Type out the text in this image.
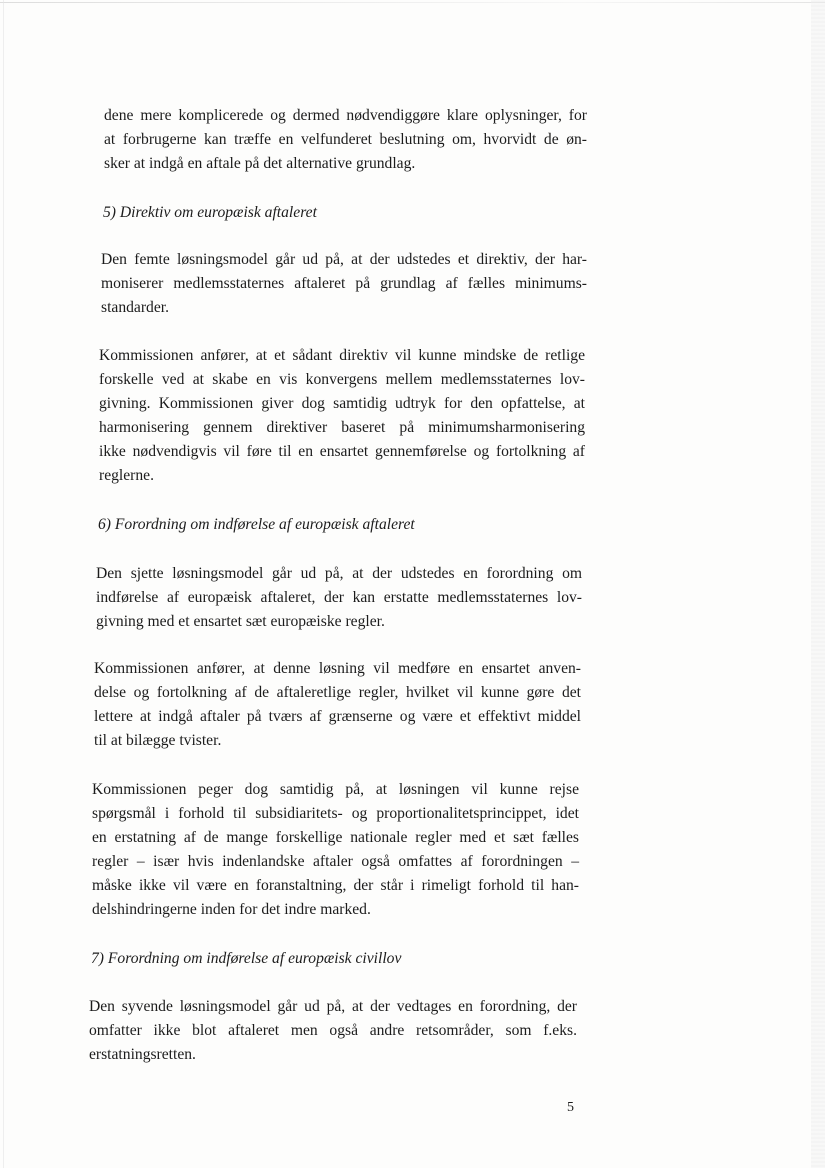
dene mere komplicerede og dermed nødvendiggøre klare oplysninger, for
at forbrugerne kan træffe en velfunderet beslutning om, hvorvidt de øn-
sker at indgå en aftale på det alternative grundlag.
5) Direktiv om europæisk aftaleret
Den femte løsningsmodel går ud på, at der udstedes et direktiv, der har-
moniserer medlemsstaternes aftaleret på grundlag af fælles minimums-
standarder.
Kommissionen anfører, at et sådant direktiv vil kunne mindske de retlige
forskelle ved at skabe en vis konvergens mellem medlemsstaternes lov-
givning. Kommissionen giver dog samtidig udtryk for den opfattelse, at
harmonisering gennem direktiver baseret på minimumsharmonisering
ikke nødvendigvis vil føre til en ensartet gennemførelse og fortolkning af
reglerne.
6) Forordning om indførelse af europæisk aftaleret
Den sjette løsningsmodel går ud på, at der udstedes en forordning om
indførelse af europæisk aftaleret, der kan erstatte medlemsstaternes lov-
givning med et ensartet sæt europæiske regler.
Kommissionen anfører, at denne løsning vil medføre en ensartet anven-
delse og fortolkning af de aftaleretlige regler, hvilket vil kunne gøre det
lettere at indgå aftaler på tværs af grænserne og være et effektivt middel
til at bilægge tvister.
Kommissionen peger dog samtidig på, at løsningen vil kunne rejse
spørgsmål i forhold til subsidiaritets- og proportionalitetsprincippet, idet
en erstatning af de mange forskellige nationale regler med et sæt fælles
regler – især hvis indenlandske aftaler også omfattes af forordningen –
måske ikke vil være en foranstaltning, der står i rimeligt forhold til han-
delshindringerne inden for det indre marked.
7) Forordning om indførelse af europæisk civillov
Den syvende løsningsmodel går ud på, at der vedtages en forordning, der
omfatter ikke blot aftaleret men også andre retsområder, som f.eks.
erstatningsretten.
5
